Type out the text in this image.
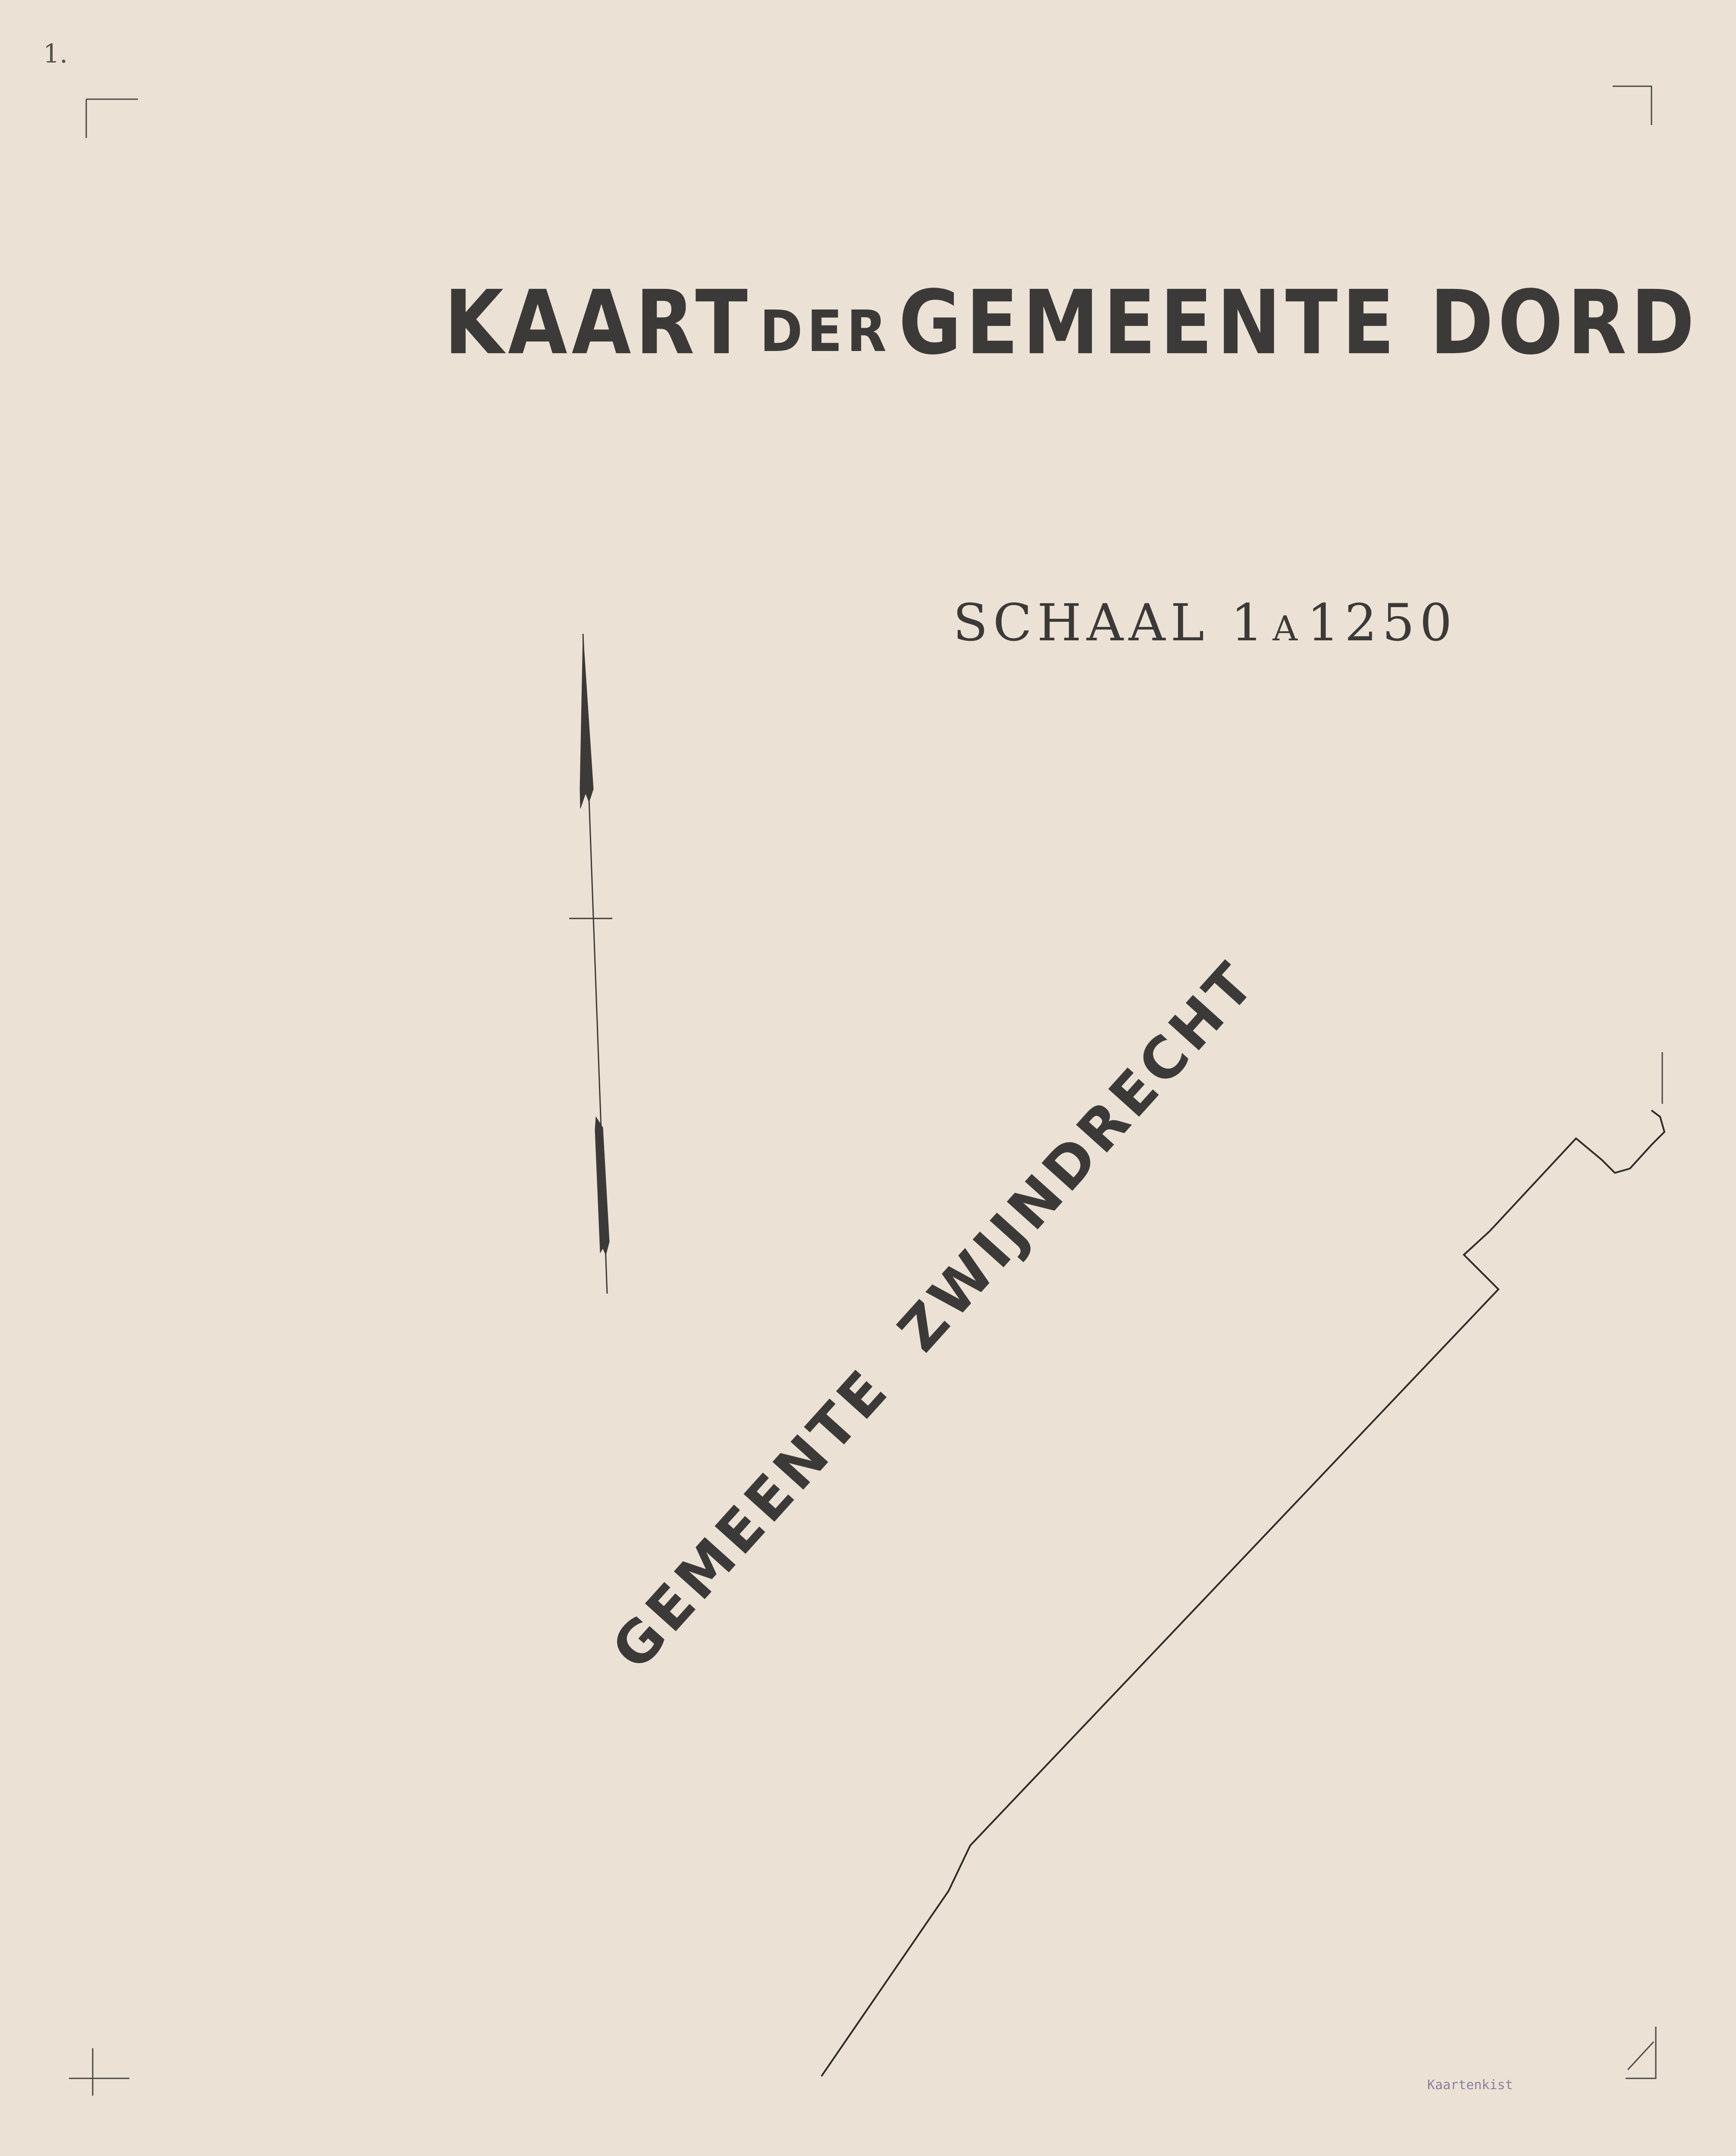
1.
KAART DER GEMEENTE DORD
SCHAAL 1 A1250
GEMEENTE  ZWIJNDRECHT
Kaartenkist
